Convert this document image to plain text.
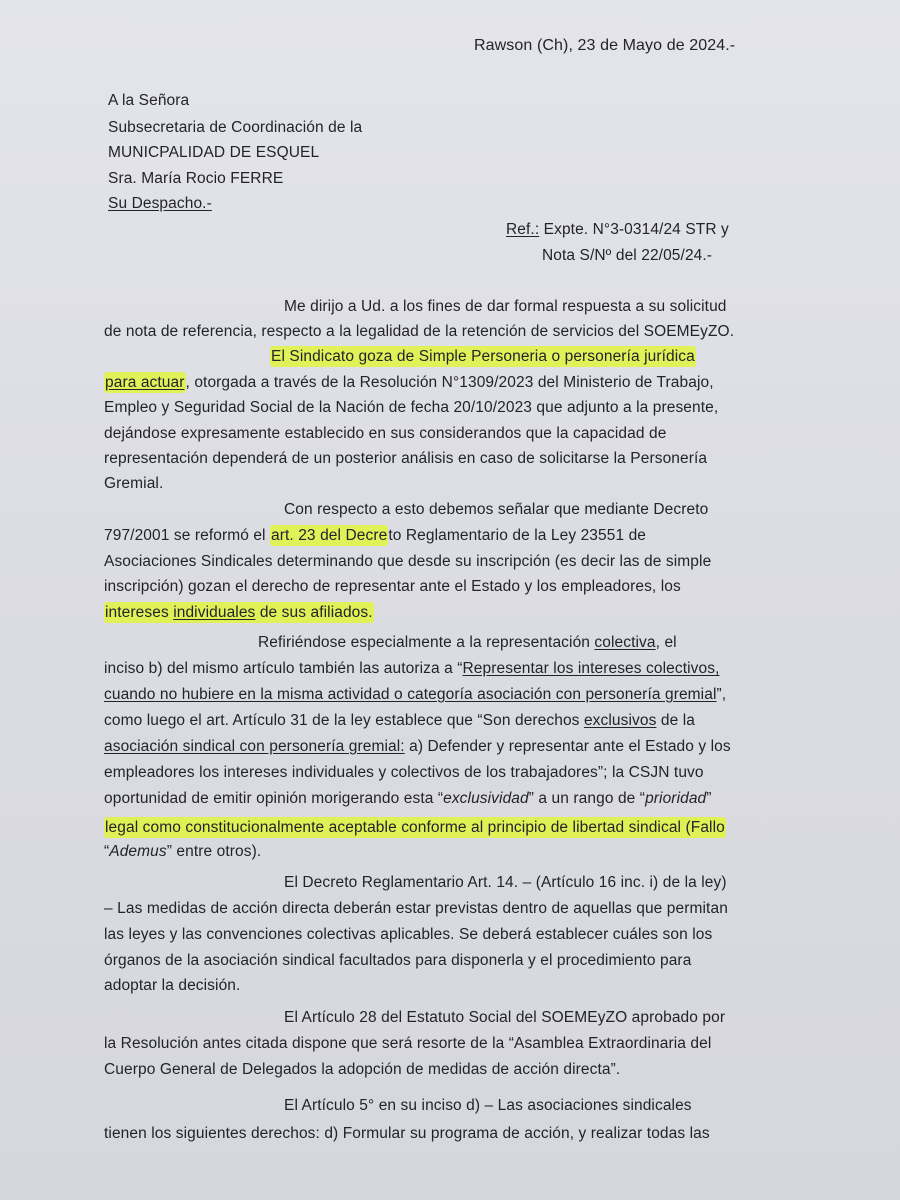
Rawson (Ch), 23 de Mayo de 2024.-
A la Señora
Subsecretaria de Coordinación de la
MUNICPALIDAD DE ESQUEL
Sra. María Rocio FERRE
Su Despacho.-
Ref.: Expte. N°3-0314/24 STR y
Nota S/Nº del 22/05/24.-
Me dirijo a Ud. a los fines de dar formal respuesta a su solicitud
de nota de referencia, respecto a la legalidad de la retención de servicios del SOEMEyZO.
El Sindicato goza de Simple Personeria o personería jurídica
para actuar, otorgada a través de la Resolución N°1309/2023 del Ministerio de Trabajo,
Empleo y Seguridad Social de la Nación de fecha 20/10/2023 que adjunto a la presente,
dejándose expresamente establecido en sus considerandos que la capacidad de
representación dependerá de un posterior análisis en caso de solicitarse la Personería
Gremial.
Con respecto a esto debemos señalar que mediante Decreto
797/2001 se reformó el art. 23 del Decreto Reglamentario de la Ley 23551 de
Asociaciones Sindicales determinando que desde su inscripción (es decir las de simple
inscripción) gozan el derecho de representar ante el Estado y los empleadores, los
intereses individuales de sus afiliados.
Refiriéndose especialmente a la representación colectiva, el
inciso b) del mismo artículo también las autoriza a “Representar los intereses colectivos,
cuando no hubiere en la misma actividad o categoría asociación con personería gremial”,
como luego el art. Artículo 31 de la ley establece que “Son derechos exclusivos de la
asociación sindical con personería gremial: a) Defender y representar ante el Estado y los
empleadores los intereses individuales y colectivos de los trabajadores”; la CSJN tuvo
oportunidad de emitir opinión morigerando esta “exclusividad” a un rango de “prioridad”
legal como constitucionalmente aceptable conforme al principio de libertad sindical (Fallo
“Ademus” entre otros).
El Decreto Reglamentario Art. 14. – (Artículo 16 inc. i) de la ley)
– Las medidas de acción directa deberán estar previstas dentro de aquellas que permitan
las leyes y las convenciones colectivas aplicables. Se deberá establecer cuáles son los
órganos de la asociación sindical facultados para disponerla y el procedimiento para
adoptar la decisión.
El Artículo 28 del Estatuto Social del SOEMEyZO aprobado por
la Resolución antes citada dispone que será resorte de la “Asamblea Extraordinaria del
Cuerpo General de Delegados la adopción de medidas de acción directa”.
El Artículo 5° en su inciso d) – Las asociaciones sindicales
tienen los siguientes derechos: d) Formular su programa de acción, y realizar todas las
